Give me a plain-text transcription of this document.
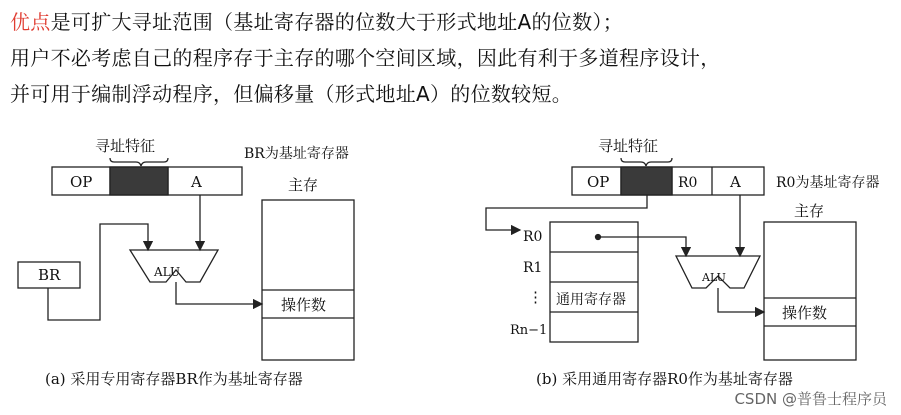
优点是可扩大寻址范围（基址寄存器的位数大于形式地址A的位数）；
用户不必考虑自己的程序存于主存的哪个空间区域，因此有利于多道程序设计，
并可用于编制浮动程序，但偏移量（形式地址A）的位数较短。
寻址特征
OP	A
BR为基址寄存器
主存
操作数
ALU
BR
(a) 采用专用寄存器BR作为基址寄存器
寻址特征
OP	R0 A	R0为基址寄存器
主存
通用寄存器
R0
R1
⋮
Rn−1
ALU
操作数
(b) 采用通用寄存器R0作为基址寄存器
CSDN @普鲁士程序员
